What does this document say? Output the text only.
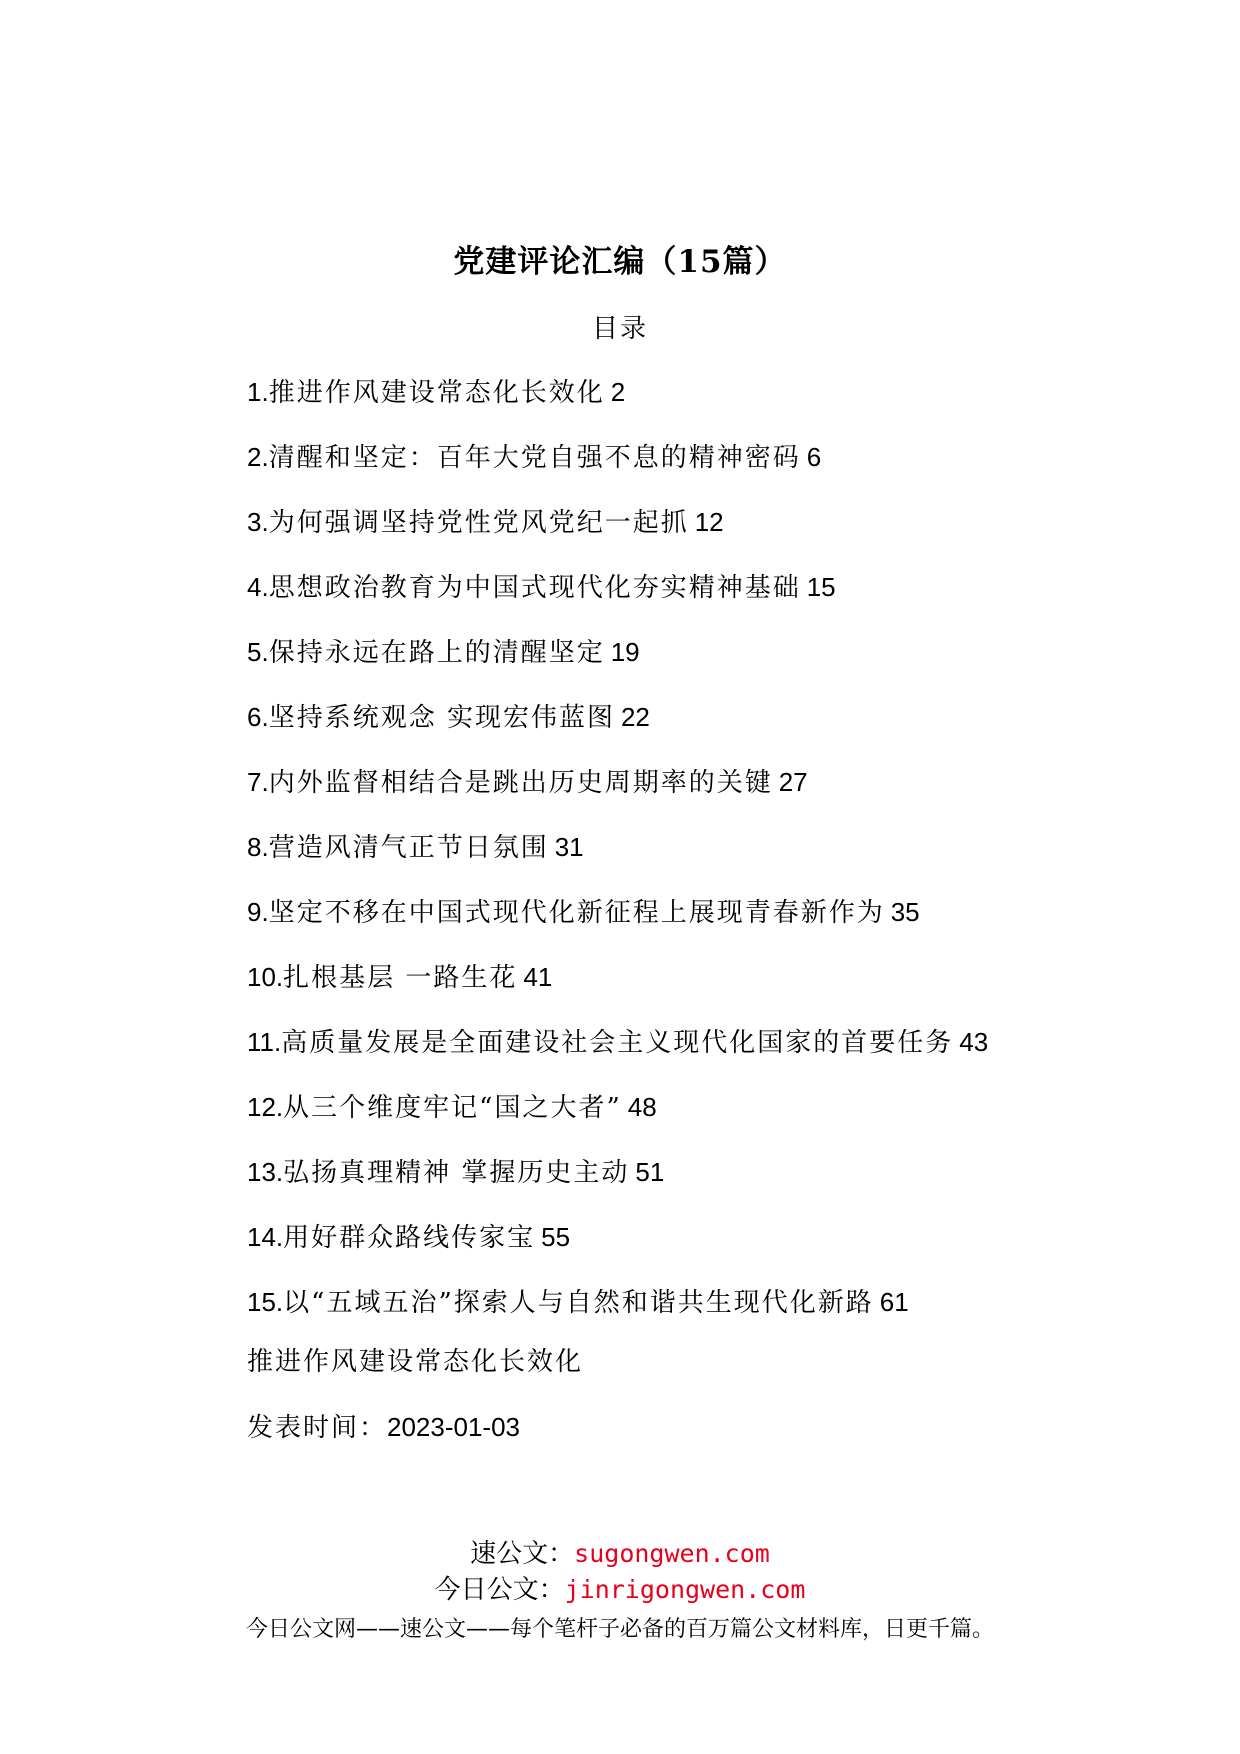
党建评论汇编（15篇）
目录
1.推进作风建设常态化长效化 2
2.清醒和坚定：百年大党自强不息的精神密码 6
3.为何强调坚持党性党风党纪一起抓 12
4.思想政治教育为中国式现代化夯实精神基础 15
5.保持永远在路上的清醒坚定 19
6.坚持系统观念 实现宏伟蓝图 22
7.内外监督相结合是跳出历史周期率的关键 27
8.营造风清气正节日氛围 31
9.坚定不移在中国式现代化新征程上展现青春新作为 35
10.扎根基层 一路生花 41
11.高质量发展是全面建设社会主义现代化国家的首要任务 43
12.从三个维度牢记“国之大者” 48
13.弘扬真理精神 掌握历史主动 51
14.用好群众路线传家宝 55
15.以“五域五治”探索人与自然和谐共生现代化新路 61
推进作风建设常态化长效化
发表时间：2023-01-03
速公文：sugongwen.com
今日公文：jinrigongwen.com
今日公文网——速公文——每个笔杆子必备的百万篇公文材料库，日更千篇。
